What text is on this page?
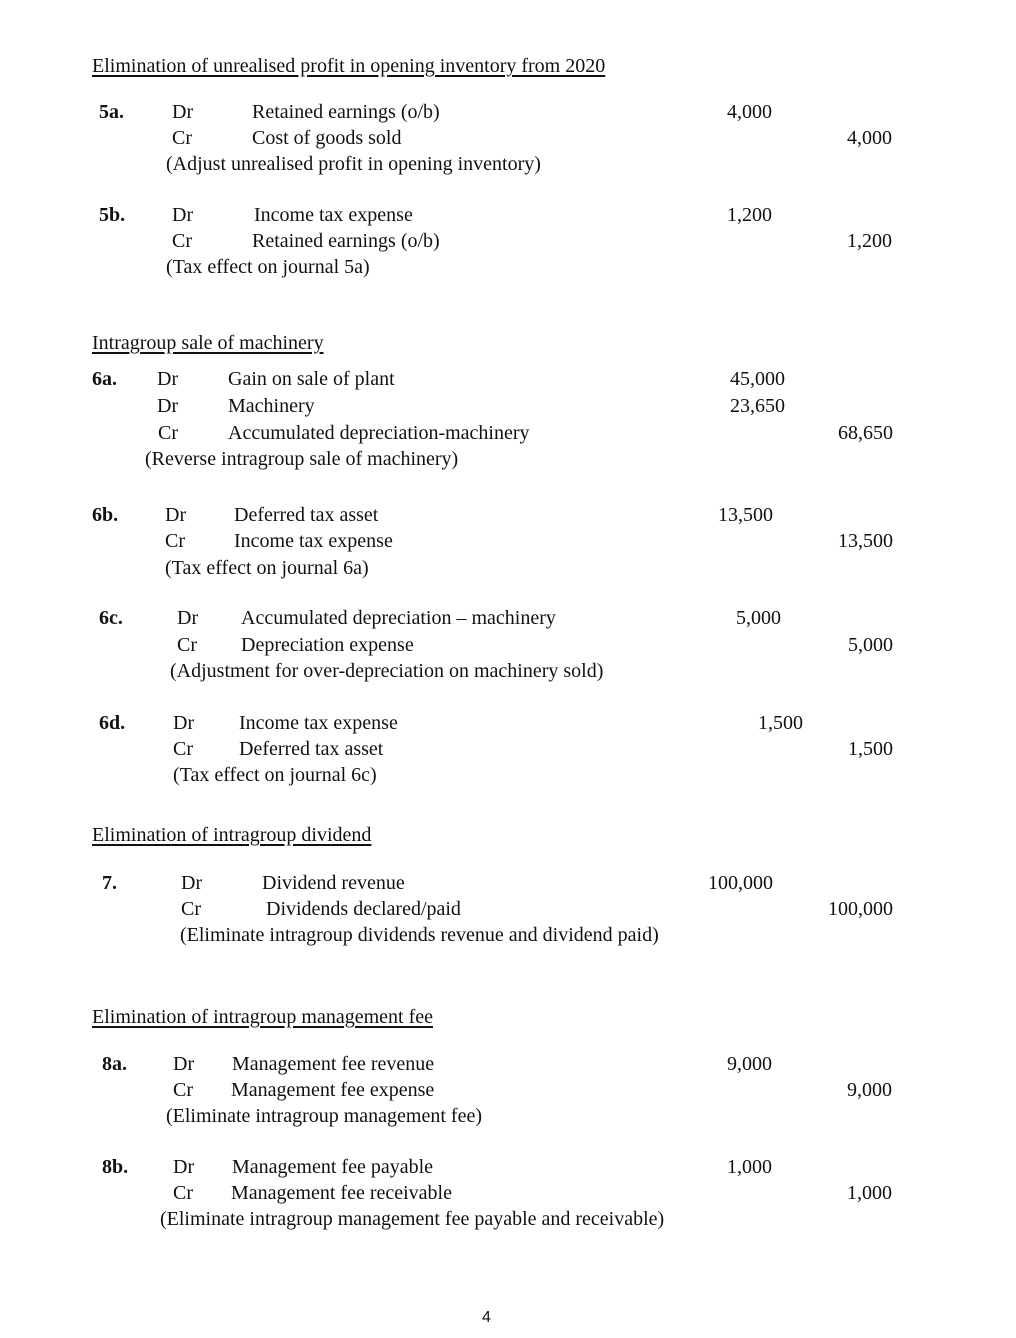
Elimination of unrealised profit in opening inventory from 2020
5a. Dr	Retained earnings (o/b)	4,000
Cr	Cost of goods sold	4,000
(Adjust unrealised profit in opening inventory)
5b. Dr	Income tax expense	1,200
Cr	Retained earnings (o/b)	1,200
(Tax effect on journal 5a)
Intragroup sale of machinery
6a. Dr Gain on sale of plant	45,000
Dr Machinery	23,650
Cr	Accumulated depreciation-machinery	68,650
(Reverse intragroup sale of machinery)
6b. Dr Deferred tax asset	13,500
Cr Income tax expense	13,500
(Tax effect on journal 6a)
6c.	Dr Accumulated depreciation – machinery	5,000
Cr Depreciation expense	5,000
(Adjustment for over-depreciation on machinery sold)
6d. Dr Income tax expense	1,500
Cr Deferred tax asset	1,500
(Tax effect on journal 6c)
Elimination of intragroup dividend
7.	Dr	Dividend revenue	100,000
Cr	Dividends declared/paid	100,000
(Eliminate intragroup dividends revenue and dividend paid)
Elimination of intragroup management fee
8a. Dr Management fee revenue	9,000
Cr Management fee expense	9,000
(Eliminate intragroup management fee)
8b. Dr Management fee payable	1,000
Cr Management fee receivable	1,000
(Eliminate intragroup management fee payable and receivable)
4
